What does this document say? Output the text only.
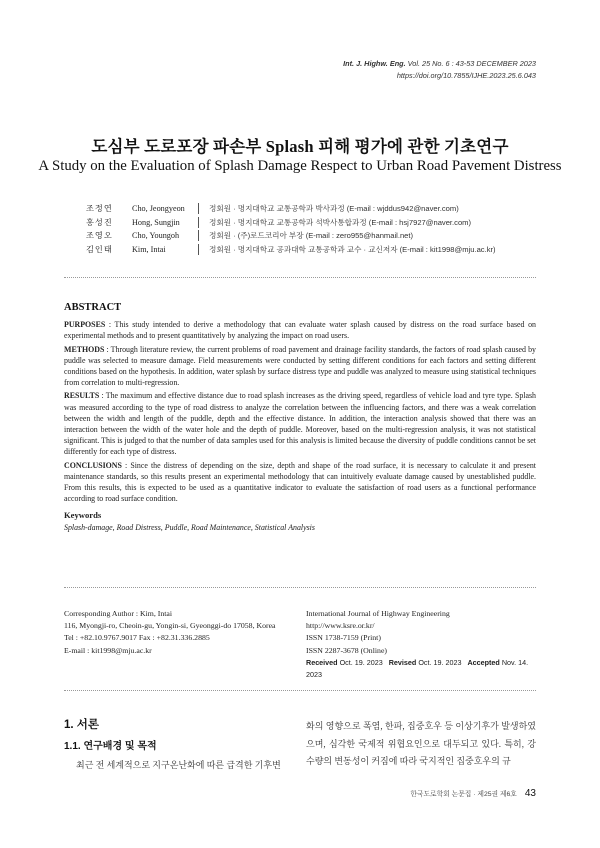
Int. J. Highw. Eng. Vol. 25 No. 6 : 43-53 DECEMBER 2023
https://doi.org/10.7855/IJHE.2023.25.6.043
도심부 도로포장 파손부 Splash 피해 평가에 관한 기초연구
A Study on the Evaluation of Splash Damage Respect to Urban Road Pavement Distress
조정연	Cho, Jeongyeon	정회원 · 명지대학교 교통공학과 박사과정 (E-mail : wjddus942@naver.com)
홍성진	Hong, Sungjin	정회원 · 명지대학교 교통공학과 석박사통합과정 (E-mail : hsj7927@naver.com)
조영오	Cho, Youngoh	정회원 · (주)로드코리아 부장 (E-mail : zero955@hanmail.net)
김인태	Kim, Intai	정회원 · 명지대학교 공과대학 교통공학과 교수 · 교신저자 (E-mail : kit1998@mju.ac.kr)
ABSTRACT

PURPOSES : This study intended to derive a methodology that can evaluate water splash caused by distress on the road surface based on experimental methods and to present quantitatively by analyzing the impact on road users.

METHODS : Through literature review, the current problems of road pavement and drainage facility standards, the factors of road splash caused by puddle was selected to measure damage. Field measurements were conducted by setting different conditions for each factors and setting different conditions based on the hypothesis. In addition, water splash by surface distress type and puddle was analyzed to measure using statistical techniques from correlation to multi-regression.

RESULTS : The maximum and effective distance due to road splash increases as the driving speed, regardless of vehicle load and tyre type. Splash was measured according to the type of road distress to analyze the correlation between the influencing factors, and there was a weak correlation between the width and length of the puddle, depth and the effective distance. In addition, the interaction analysis showed that there was an interaction between the width of the water hole and the depth of puddle. Moreover, based on the multi-regression analysis, it was not statistical significant. This is judged to that the number of data samples used for this analysis is limited because the diversity of puddle conditions cannot be set differently for each type of distress.

CONCLUSIONS : Since the distress of depending on the size, depth and shape of the road surface, it is necessary to calculate it and present maintenance standards, so this results present an experimental methodology that can intuitively evaluate damage caused by unestablished puddle. From this results, this is expected to be used as a quantitative indicator to evaluate the satisfaction of road users as a functional performance according to road surface condition.

Keywords
Splash-damage, Road Distress, Puddle, Road Maintenance, Statistical Analysis
Corresponding Author : Kim, Intai
116, Myongji-ro, Cheoin-gu, Yongin-si, Gyeonggi-do 17058, Korea
Tel : +82.10.9767.9017 Fax : +82.31.336.2885
E-mail : kit1998@mju.ac.kr
International Journal of Highway Engineering
http://www.ksre.or.kr/
ISSN 1738-7159 (Print)
ISSN 2287-3678 (Online)
Received Oct. 19. 2023 Revised Oct. 19. 2023 Accepted Nov. 14. 2023
1. 서론
1.1. 연구배경 및 목적
최근 전 세계적으로 지구온난화에 따른 급격한 기후변
화의 영향으로 폭염, 한파, 집중호우 등 이상기후가 발생하였으며, 심각한 국제적 위협요인으로 대두되고 있다. 특히, 강수량의 변동성이 커짐에 따라 국지적인 집중호우의 규
한국도로학회 논문집 · 제25권 제6호 43
